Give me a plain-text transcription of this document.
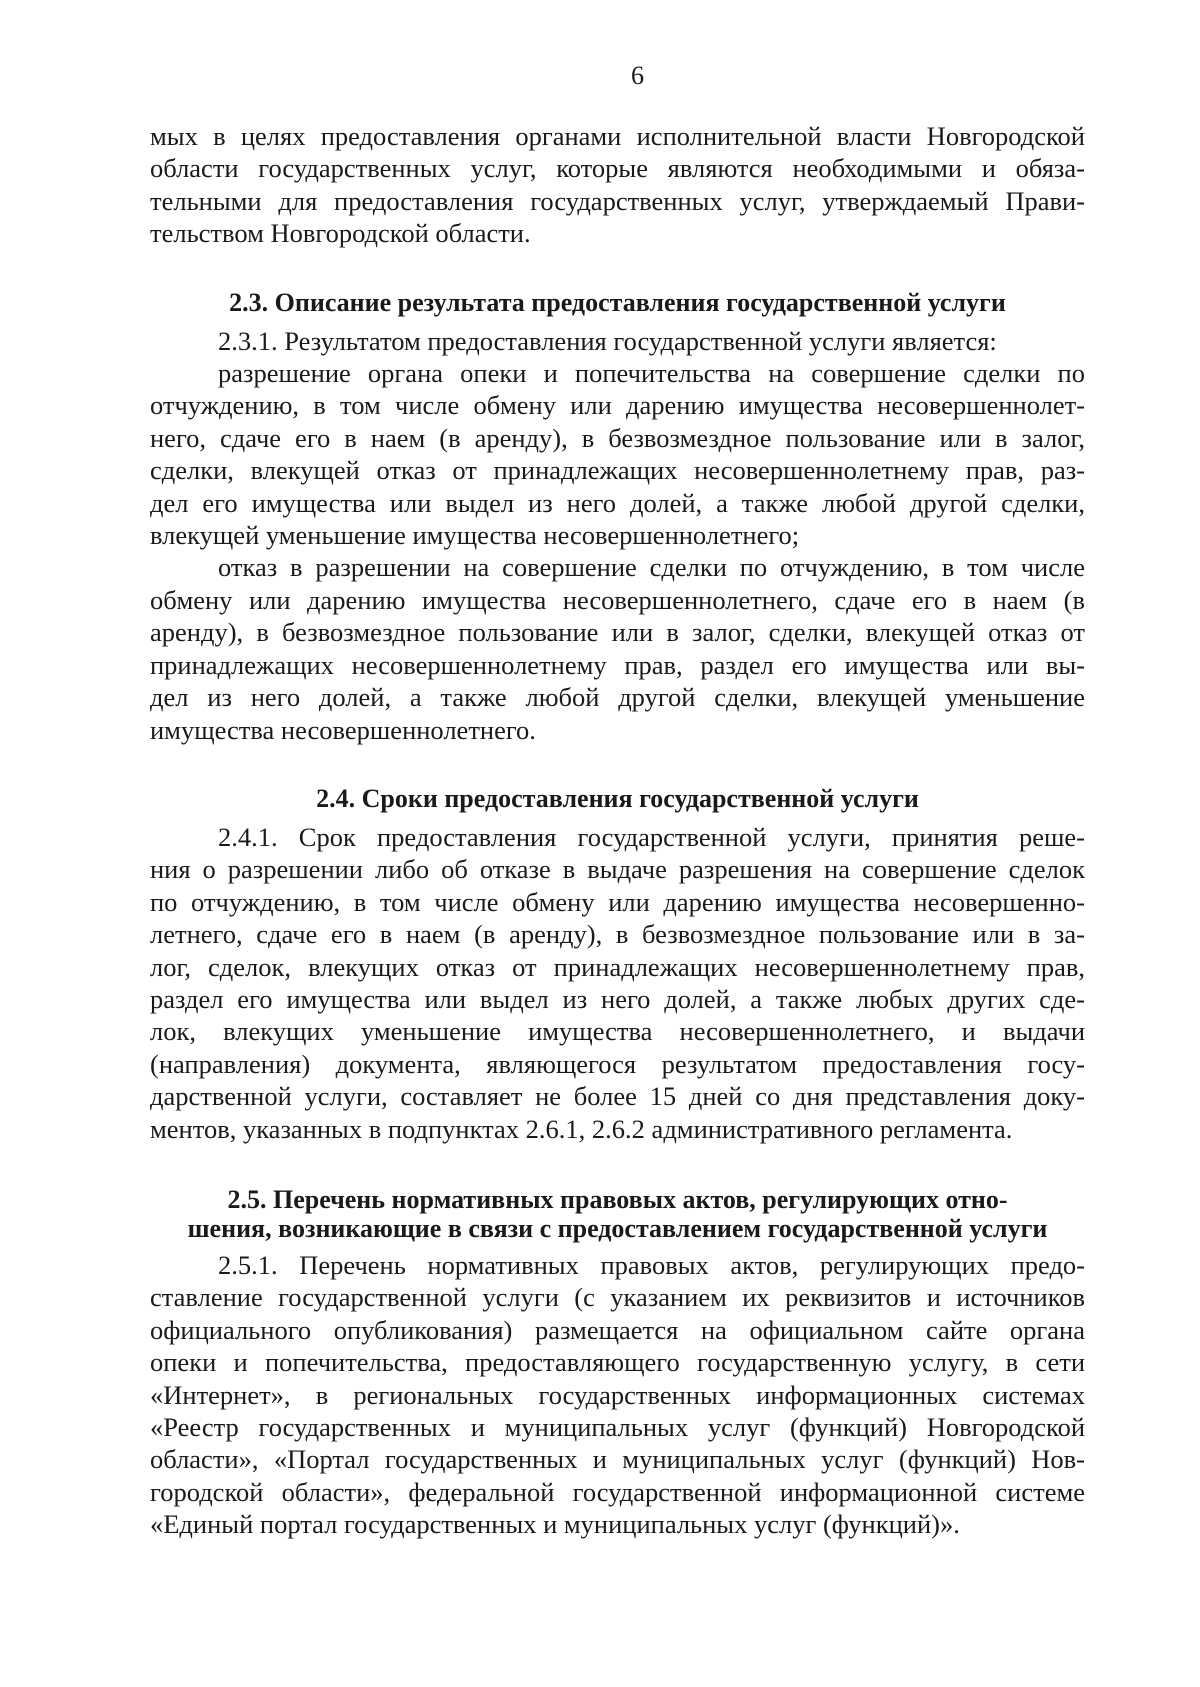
6

мых в целях предоставления органами исполнительной власти Новгородской

области государственных услуг, которые являются необходимыми и обяза-

тельными для предоставления государственных услуг, утверждаемый Прави-

тельством Новгородской области.

2.3. Описание результата предоставления государственной услуги

2.3.1. Результатом предоставления государственной услуги является:

разрешение органа опеки и попечительства на совершение сделки по

отчуждению, в том числе обмену или дарению имущества несовершеннолет-

него, сдаче его в наем (в аренду), в безвозмездное пользование или в залог,

сделки, влекущей отказ от принадлежащих несовершеннолетнему прав, раз-

дел его имущества или выдел из него долей, а также любой другой сделки,

влекущей уменьшение имущества несовершеннолетнего;

отказ в разрешении на совершение сделки по отчуждению, в том числе

обмену или дарению имущества несовершеннолетнего, сдаче его в наем (в

аренду), в безвозмездное пользование или в залог, сделки, влекущей отказ от

принадлежащих несовершеннолетнему прав, раздел его имущества или вы-

дел из него долей, а также любой другой сделки, влекущей уменьшение

имущества несовершеннолетнего.

2.4. Сроки предоставления государственной услуги

2.4.1. Срок предоставления государственной услуги, принятия реше-

ния о разрешении либо об отказе в выдаче разрешения на совершение сделок

по отчуждению, в том числе обмену или дарению имущества несовершенно-

летнего, сдаче его в наем (в аренду), в безвозмездное пользование или в за-

лог, сделок, влекущих отказ от принадлежащих несовершеннолетнему прав,

раздел его имущества или выдел из него долей, а также любых других сде-

лок, влекущих уменьшение имущества несовершеннолетнего, и выдачи

(направления) документа, являющегося результатом предоставления госу-

дарственной услуги, составляет не более 15 дней со дня представления доку-

ментов, указанных в подпунктах 2.6.1, 2.6.2 административного регламента.

2.5. Перечень нормативных правовых актов, регулирующих отно-
шения, возникающие в связи с предоставлением государственной услуги

2.5.1. Перечень нормативных правовых актов, регулирующих предо-

ставление государственной услуги (с указанием их реквизитов и источников

официального опубликования) размещается на официальном сайте органа

опеки и попечительства, предоставляющего государственную услугу, в сети

«Интернет», в региональных государственных информационных системах

«Реестр государственных и муниципальных услуг (функций) Новгородской

области», «Портал государственных и муниципальных услуг (функций) Нов-

городской области», федеральной государственной информационной системе

«Единый портал государственных и муниципальных услуг (функций)».
